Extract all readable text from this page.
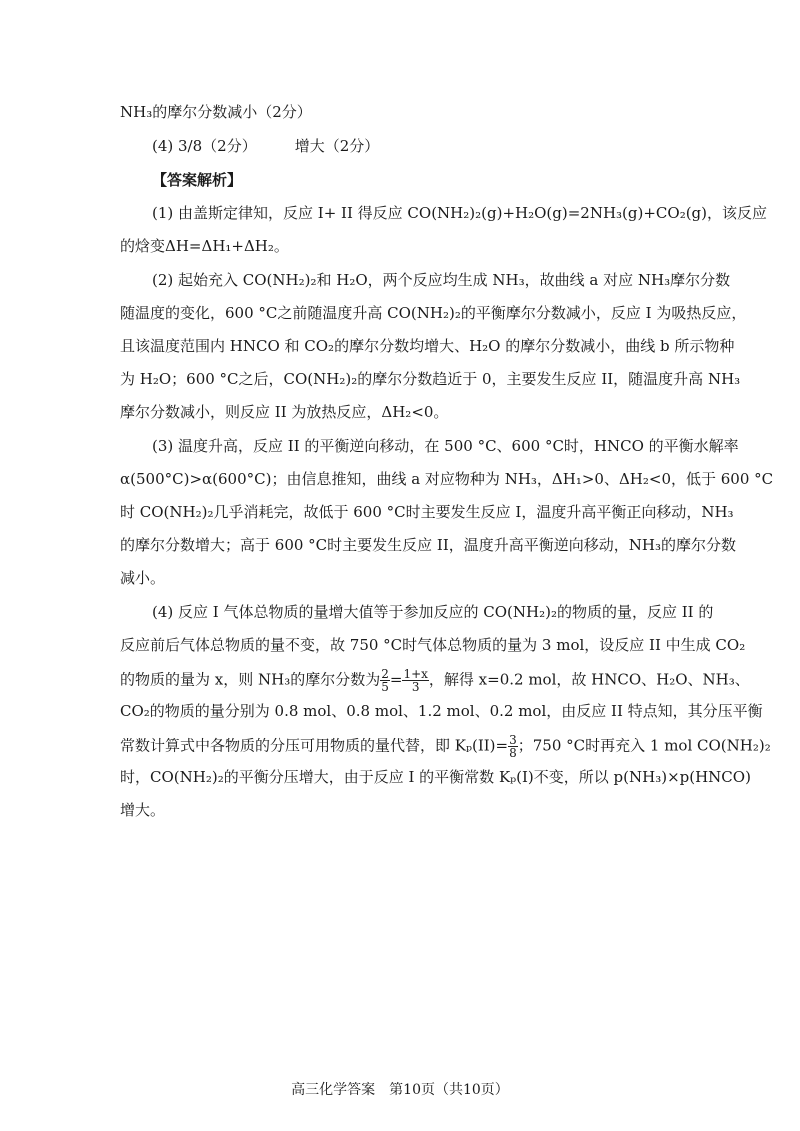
NH₃的摩尔分数减小（2分）
(4) 3/8（2分）	增大（2分）
【答案解析】
(1) 由盖斯定律知，反应 I+ II 得反应 CO(NH₂)₂(g)+H₂O(g)=2NH₃(g)+CO₂(g)，该反应
的焓变ΔH=ΔH₁+ΔH₂。
(2) 起始充入 CO(NH₂)₂和 H₂O，两个反应均生成 NH₃，故曲线 a 对应 NH₃摩尔分数
随温度的变化，600 °C之前随温度升高 CO(NH₂)₂的平衡摩尔分数减小，反应 I 为吸热反应，
且该温度范围内 HNCO 和 CO₂的摩尔分数均增大、H₂O 的摩尔分数减小，曲线 b 所示物种
为 H₂O；600 °C之后，CO(NH₂)₂的摩尔分数趋近于 0，主要发生反应 II，随温度升高 NH₃
摩尔分数减小，则反应 II 为放热反应，ΔH₂<0。
(3) 温度升高，反应 II 的平衡逆向移动，在 500 °C、600 °C时，HNCO 的平衡水解率
α(500°C)>α(600°C)；由信息推知，曲线 a 对应物种为 NH₃，ΔH₁>0、ΔH₂<0，低于 600 °C
时 CO(NH₂)₂几乎消耗完，故低于 600 °C时主要发生反应 I，温度升高平衡正向移动，NH₃
的摩尔分数增大；高于 600 °C时主要发生反应 II，温度升高平衡逆向移动，NH₃的摩尔分数
减小。
(4) 反应 I 气体总物质的量增大值等于参加反应的 CO(NH₂)₂的物质的量，反应 II 的
反应前后气体总物质的量不变，故 750 °C时气体总物质的量为 3 mol，设反应 II 中生成 CO₂
的物质的量为 x，则 NH₃的摩尔分数为 $\frac{2}{5} = \frac{1+x}{3}$ ，解得 x=0.2 mol，故 HNCO、H₂O、NH₃、
CO₂的物质的量分别为 0.8 mol、0.8 mol、1.2 mol、0.2 mol，由反应 II 特点知，其分压平衡
常数计算式中各物质的分压可用物质的量代替，即 $K_p(II)= \frac{3}{8}$ ；750 °C时再充入 1 mol CO(NH₂)₂
时，CO(NH₂)₂的平衡分压增大，由于反应 I 的平衡常数 Kₚ(I)不变，所以 p(NH₃)×p(HNCO)
增大。
高三化学答案　第10页（共10页）
